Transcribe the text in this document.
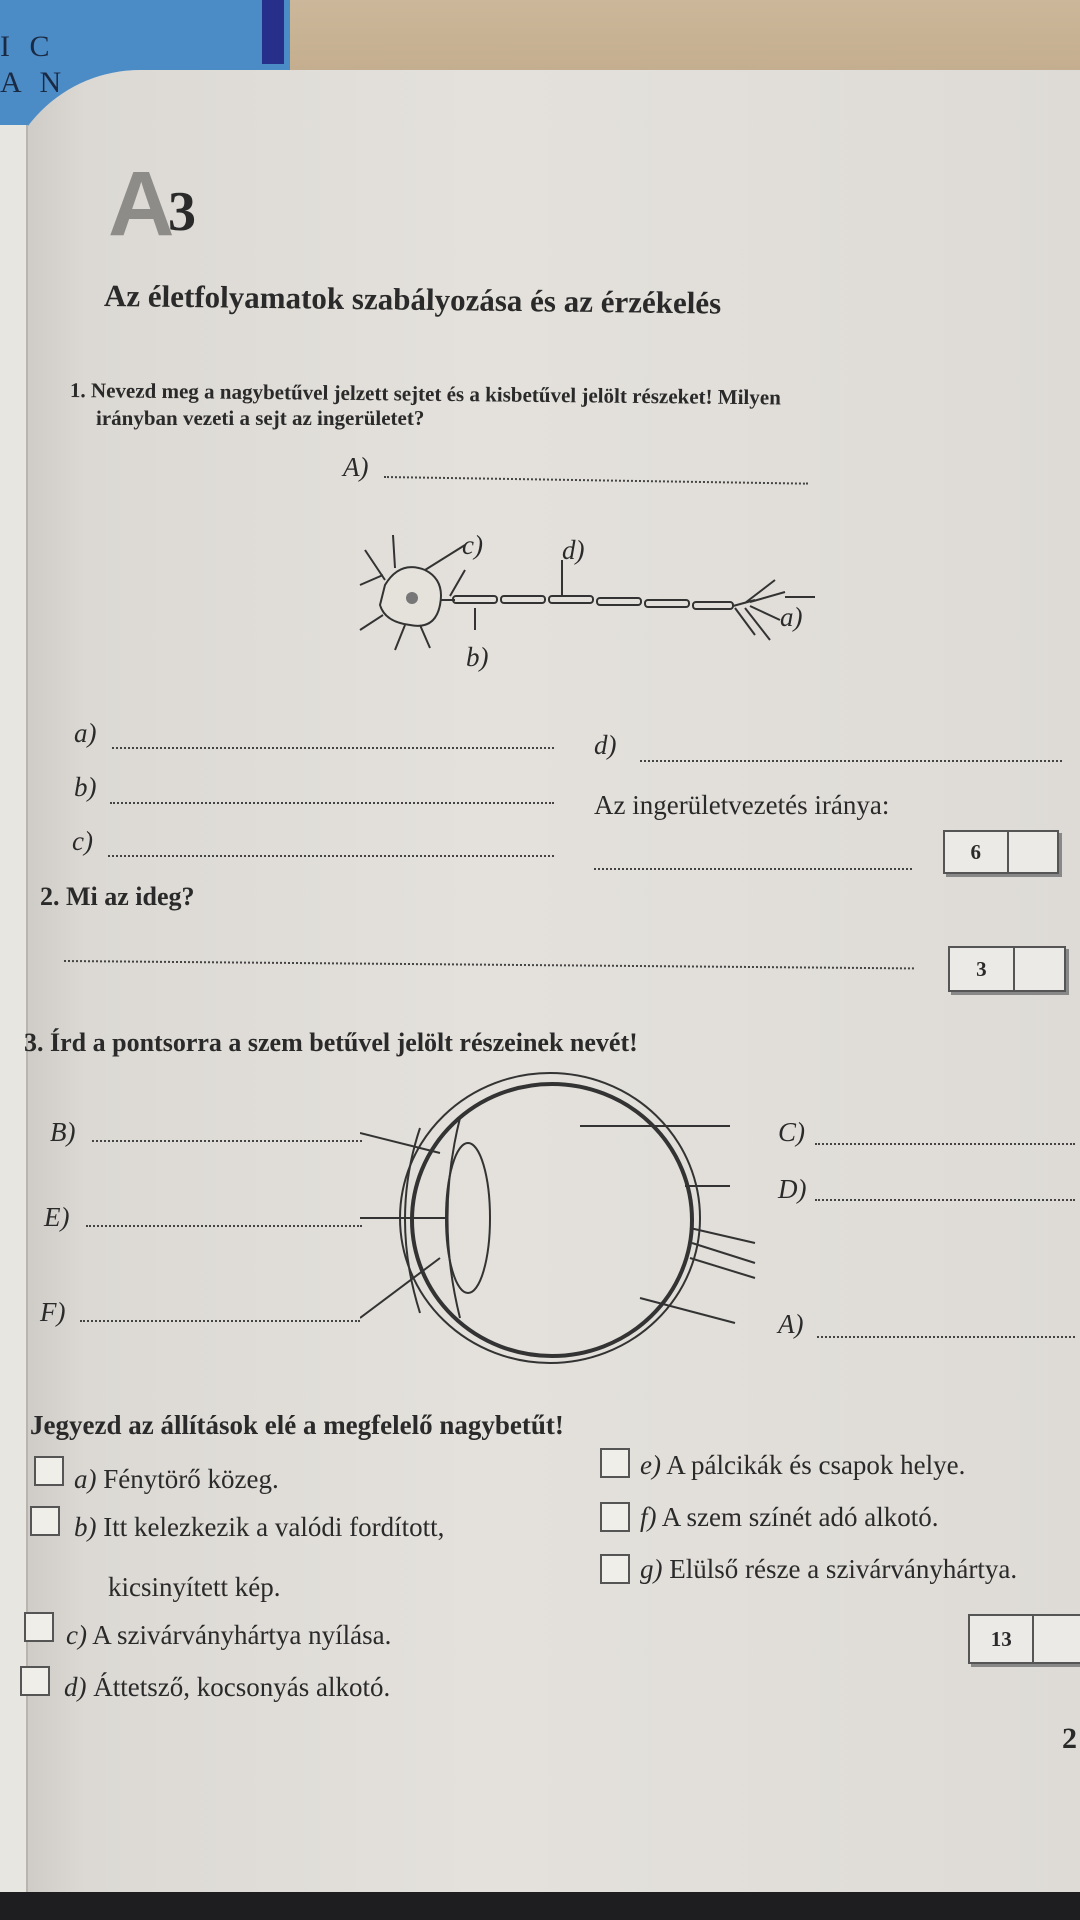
I C
A N
A
3
Az életfolyamatok szabályozása és az érzékelés
1. Nevezd meg a nagybetűvel jelzett sejtet és a kisbetűvel jelölt részeket! Milyen
irányban vezeti a sejt az ingerületet?
A)
c)	d)
a)
b)
a)
b)
c)
d)
Az ingerületvezetés iránya:
6
2. Mi az ideg?
3
3. Írd a pontsorra a szem betűvel jelölt részeinek nevét!
B)
E)
F)
C)
D)
A)
Jegyezd az állítások elé a megfelelő nagybetűt!
a) Fénytörő közeg.
b) Itt kelezkezik a valódi fordított,
kicsinyített kép.
c) A szivárványhártya nyílása.
d) Áttetsző, kocsonyás alkotó.
e) A pálcikák és csapok helye.
f) A szem színét adó alkotó.
g) Elülső része a szivárványhártya.
13
2
